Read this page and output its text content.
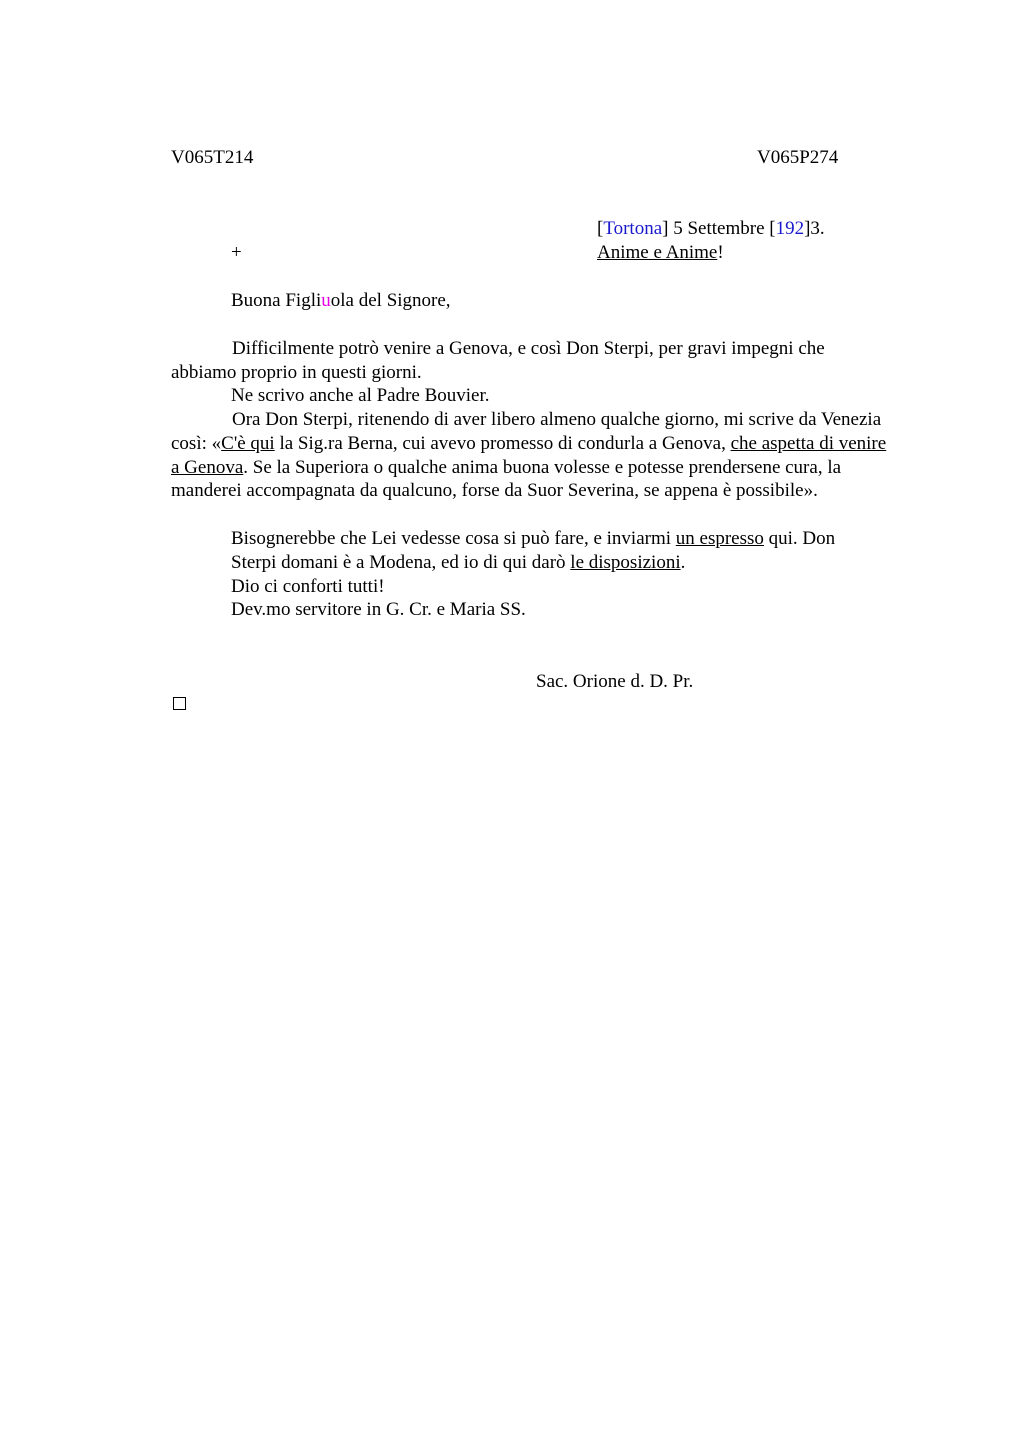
V065T214	V065P274
[Tortona] 5 Settembre [192]3.
+	Anime e Anime!
Buona Figliuola del Signore,
Difficilmente potrò venire a Genova, e così Don Sterpi, per gravi impegni che abbiamo proprio in questi giorni.
Ne scrivo anche al Padre Bouvier.
Ora Don Sterpi, ritenendo di aver libero almeno qualche giorno, mi scrive da Venezia così: «C'è qui la Sig.ra Berna, cui avevo promesso di condurla a Genova, che aspetta di venire a Genova. Se la Superiora o qualche anima buona volesse e potesse prendersene cura, la manderei accompagnata da qualcuno, forse da Suor Severina, se appena è possibile».
Bisognerebbe che Lei vedesse cosa si può fare, e inviarmi un espresso qui. Don
Sterpi domani è a Modena, ed io di qui darò le disposizioni.
Dio ci conforti tutti!
Dev.mo servitore in G. Cr. e Maria SS.
Sac. Orione d. D. Pr.
